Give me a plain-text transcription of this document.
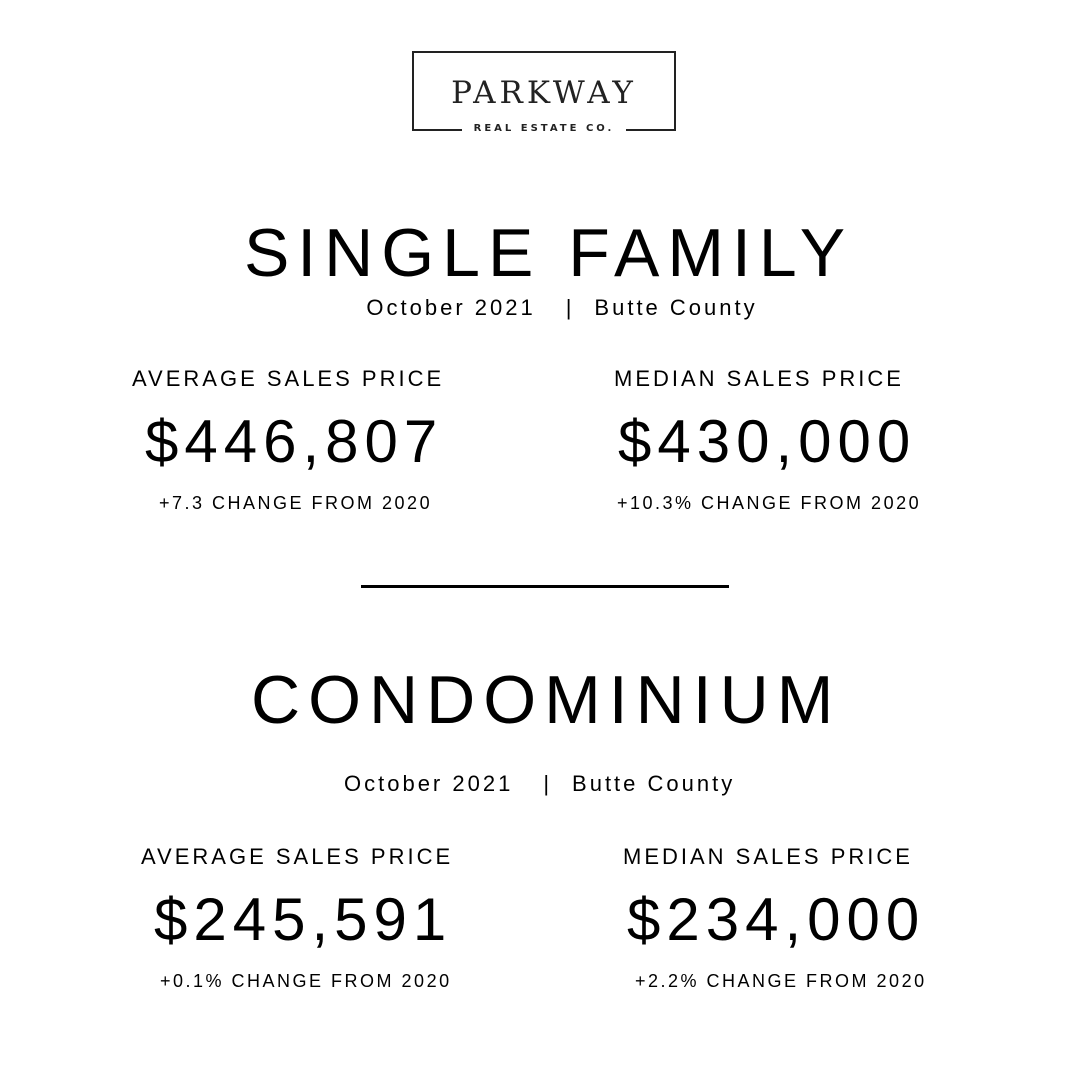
PARKWAY
REAL ESTATE CO.
SINGLE FAMILY
October 2021 | Butte County
AVERAGE SALES PRICE
$446,807
+7.3 CHANGE FROM 2020
MEDIAN SALES PRICE
$430,000
+10.3% CHANGE FROM 2020
CONDOMINIUM
October 2021 | Butte County
AVERAGE SALES PRICE
$245,591
+0.1% CHANGE FROM 2020
MEDIAN SALES PRICE
$234,000
+2.2% CHANGE FROM 2020
